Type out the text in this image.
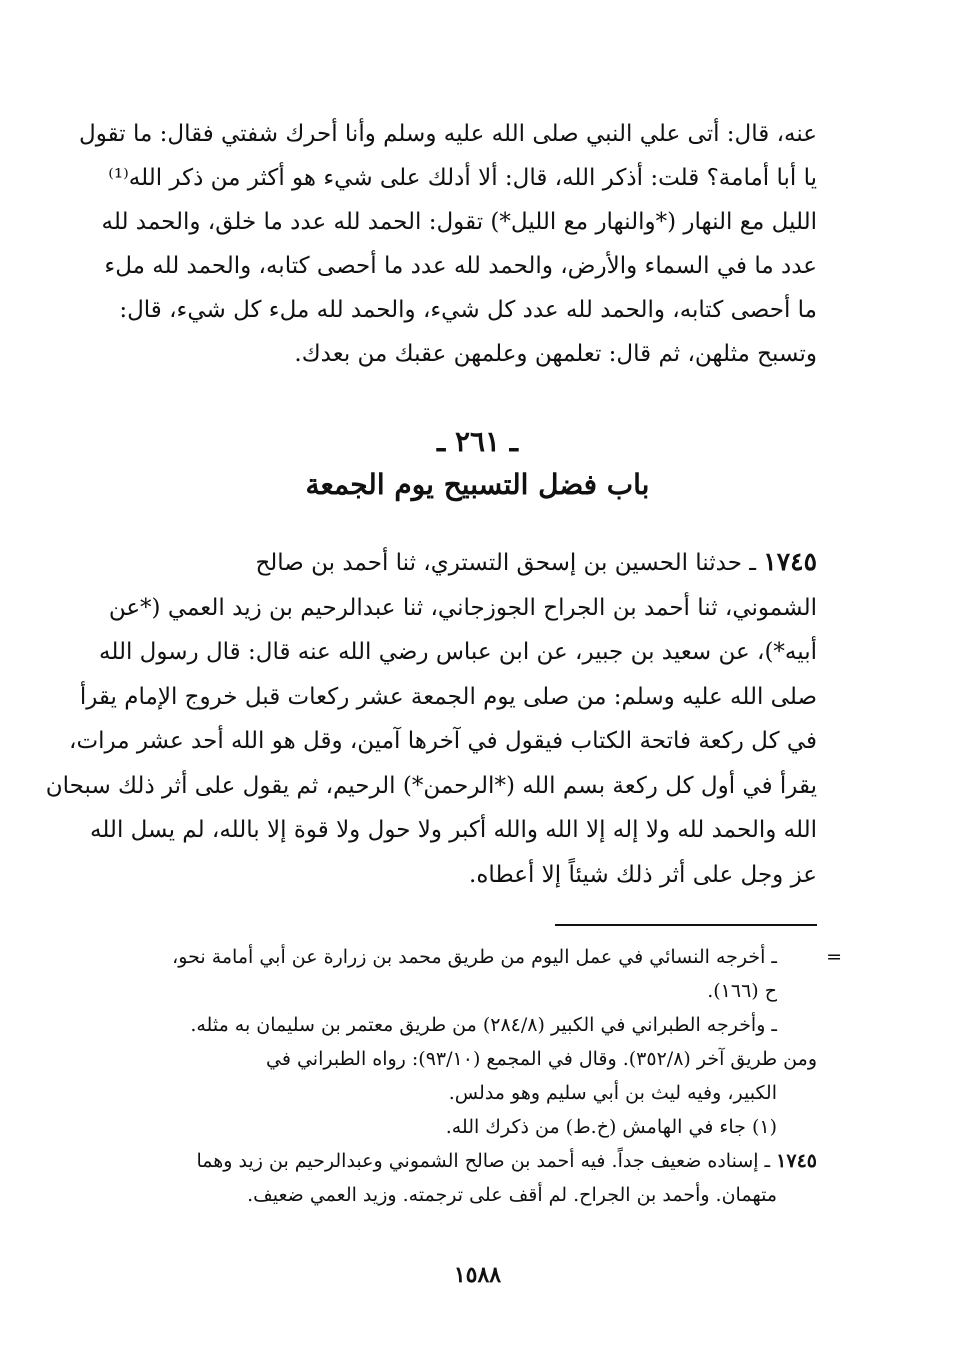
عنه، قال: أتى علي النبي صلى الله عليه وسلم وأنا أحرك شفتي فقال: ما تقول
يا أبا أمامة؟ قلت: أذكر الله، قال: ألا أدلك على شيء هو أكثر من ذكر الله⁽¹⁾
الليل مع النهار (*والنهار مع الليل*) تقول: الحمد لله عدد ما خلق، والحمد لله
عدد ما في السماء والأرض، والحمد لله عدد ما أحصى كتابه، والحمد لله ملء
ما أحصى كتابه، والحمد لله عدد كل شيء، والحمد لله ملء كل شيء، قال:
وتسبح مثلهن، ثم قال: تعلمهن وعلمهن عقبك من بعدك.

ـ ٢٦١ ـ
باب فضل التسبيح يوم الجمعة

١٧٤٥ ـ حدثنا الحسين بن إسحق التستري، ثنا أحمد بن صالح
الشموني، ثنا أحمد بن الجراح الجوزجاني، ثنا عبدالرحيم بن زيد العمي (*عن
أبيه*)، عن سعيد بن جبير، عن ابن عباس رضي الله عنه قال: قال رسول الله
صلى الله عليه وسلم: من صلى يوم الجمعة عشر ركعات قبل خروج الإمام يقرأ
في كل ركعة فاتحة الكتاب فيقول في آخرها آمين، وقل هو الله أحد عشر مرات،
يقرأ في أول كل ركعة بسم الله (*الرحمن*) الرحيم، ثم يقول على أثر ذلك سبحان
الله والحمد لله ولا إله إلا الله والله أكبر ولا حول ولا قوة إلا بالله، لم يسل الله
عز وجل على أثر ذلك شيئاً إلا أعطاه.

=
ـ أخرجه النسائي في عمل اليوم من طريق محمد بن زرارة عن أبي أمامة نحو،
ح (١٦٦).
ـ وأخرجه الطبراني في الكبير (٢٨٤/٨) من طريق معتمر بن سليمان به مثله.
ومن طريق آخر (٣٥٢/٨). وقال في المجمع (٩٣/١٠): رواه الطبراني في
الكبير، وفيه ليث بن أبي سليم وهو مدلس.
(١) جاء في الهامش (خ.ط) من ذكرك الله.
١٧٤٥ ـ إسناده ضعيف جداً. فيه أحمد بن صالح الشموني وعبدالرحيم بن زيد وهما
متهمان. وأحمد بن الجراح. لم أقف على ترجمته. وزيد العمي ضعيف.
١٥٨٨
